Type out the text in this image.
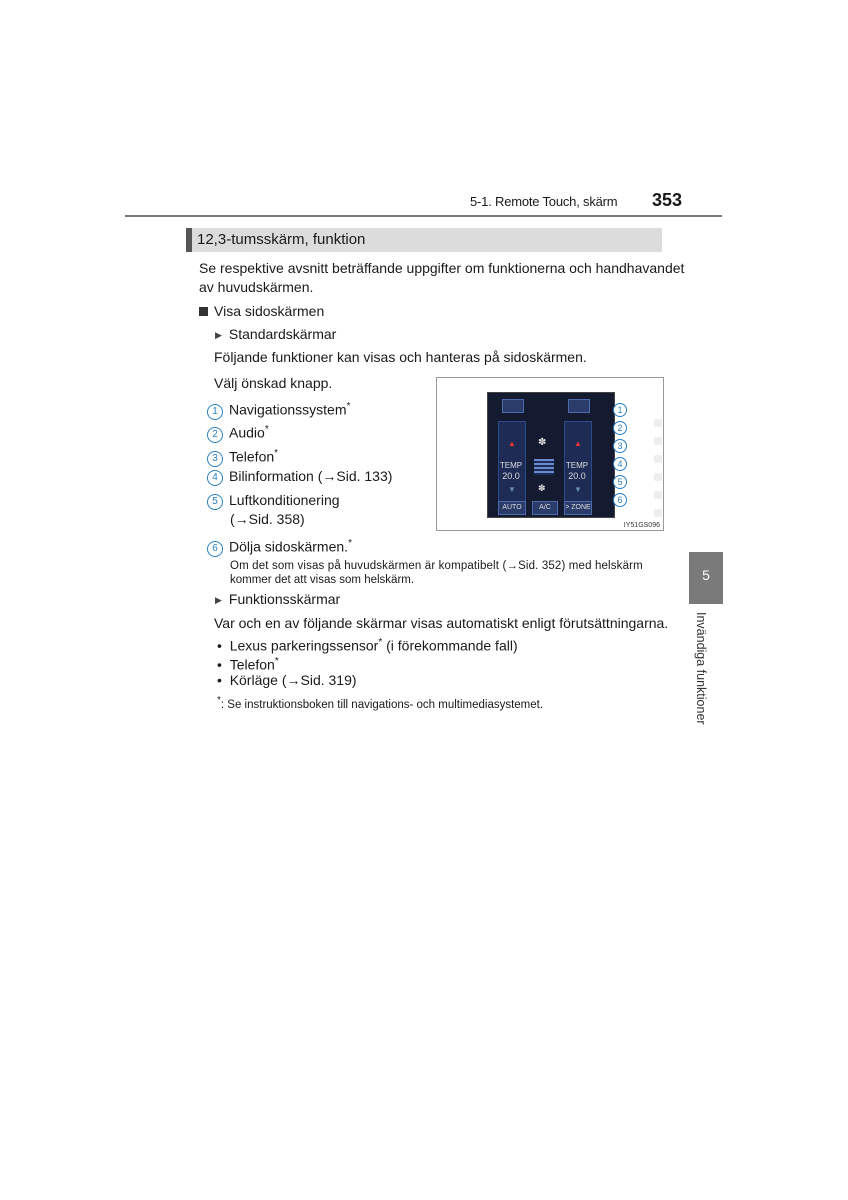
5-1. Remote Touch, skärm 353
12,3-tumsskärm, funktion
Se respektive avsnitt beträffande uppgifter om funktionerna och handhavandet
av huvudskärmen.
Visa sidoskärmen
▶ Standardskärmar
Följande funktioner kan visas och hanteras på sidoskärmen.
Välj önskad knapp.
1 Navigationssystem*
2 Audio*
3 Telefon*
4 Bilinformation (→Sid. 133)
5 Luftkonditionering
(→Sid. 358)
6 Dölja sidoskärmen.*
Om det som visas på huvudskärmen är kompatibelt (→Sid. 352) med helskärm
kommer det att visas som helskärm.
▶ Funktionsskärmar
Var och en av följande skärmar visas automatiskt enligt förutsättningarna.
•  Lexus parkeringssensor* (i förekommande fall)
•  Telefon*
•  Körläge (→Sid. 319)
*: Se instruktionsboken till navigations- och multimediasystemet.
▲	▲
TEMP	TEMP
20.0	20.0
▼	▼
✽
✽
AUTO	A/C	> ZONE
1
2
3
4
5
6
IY51GS096
5
Invändiga funktioner
